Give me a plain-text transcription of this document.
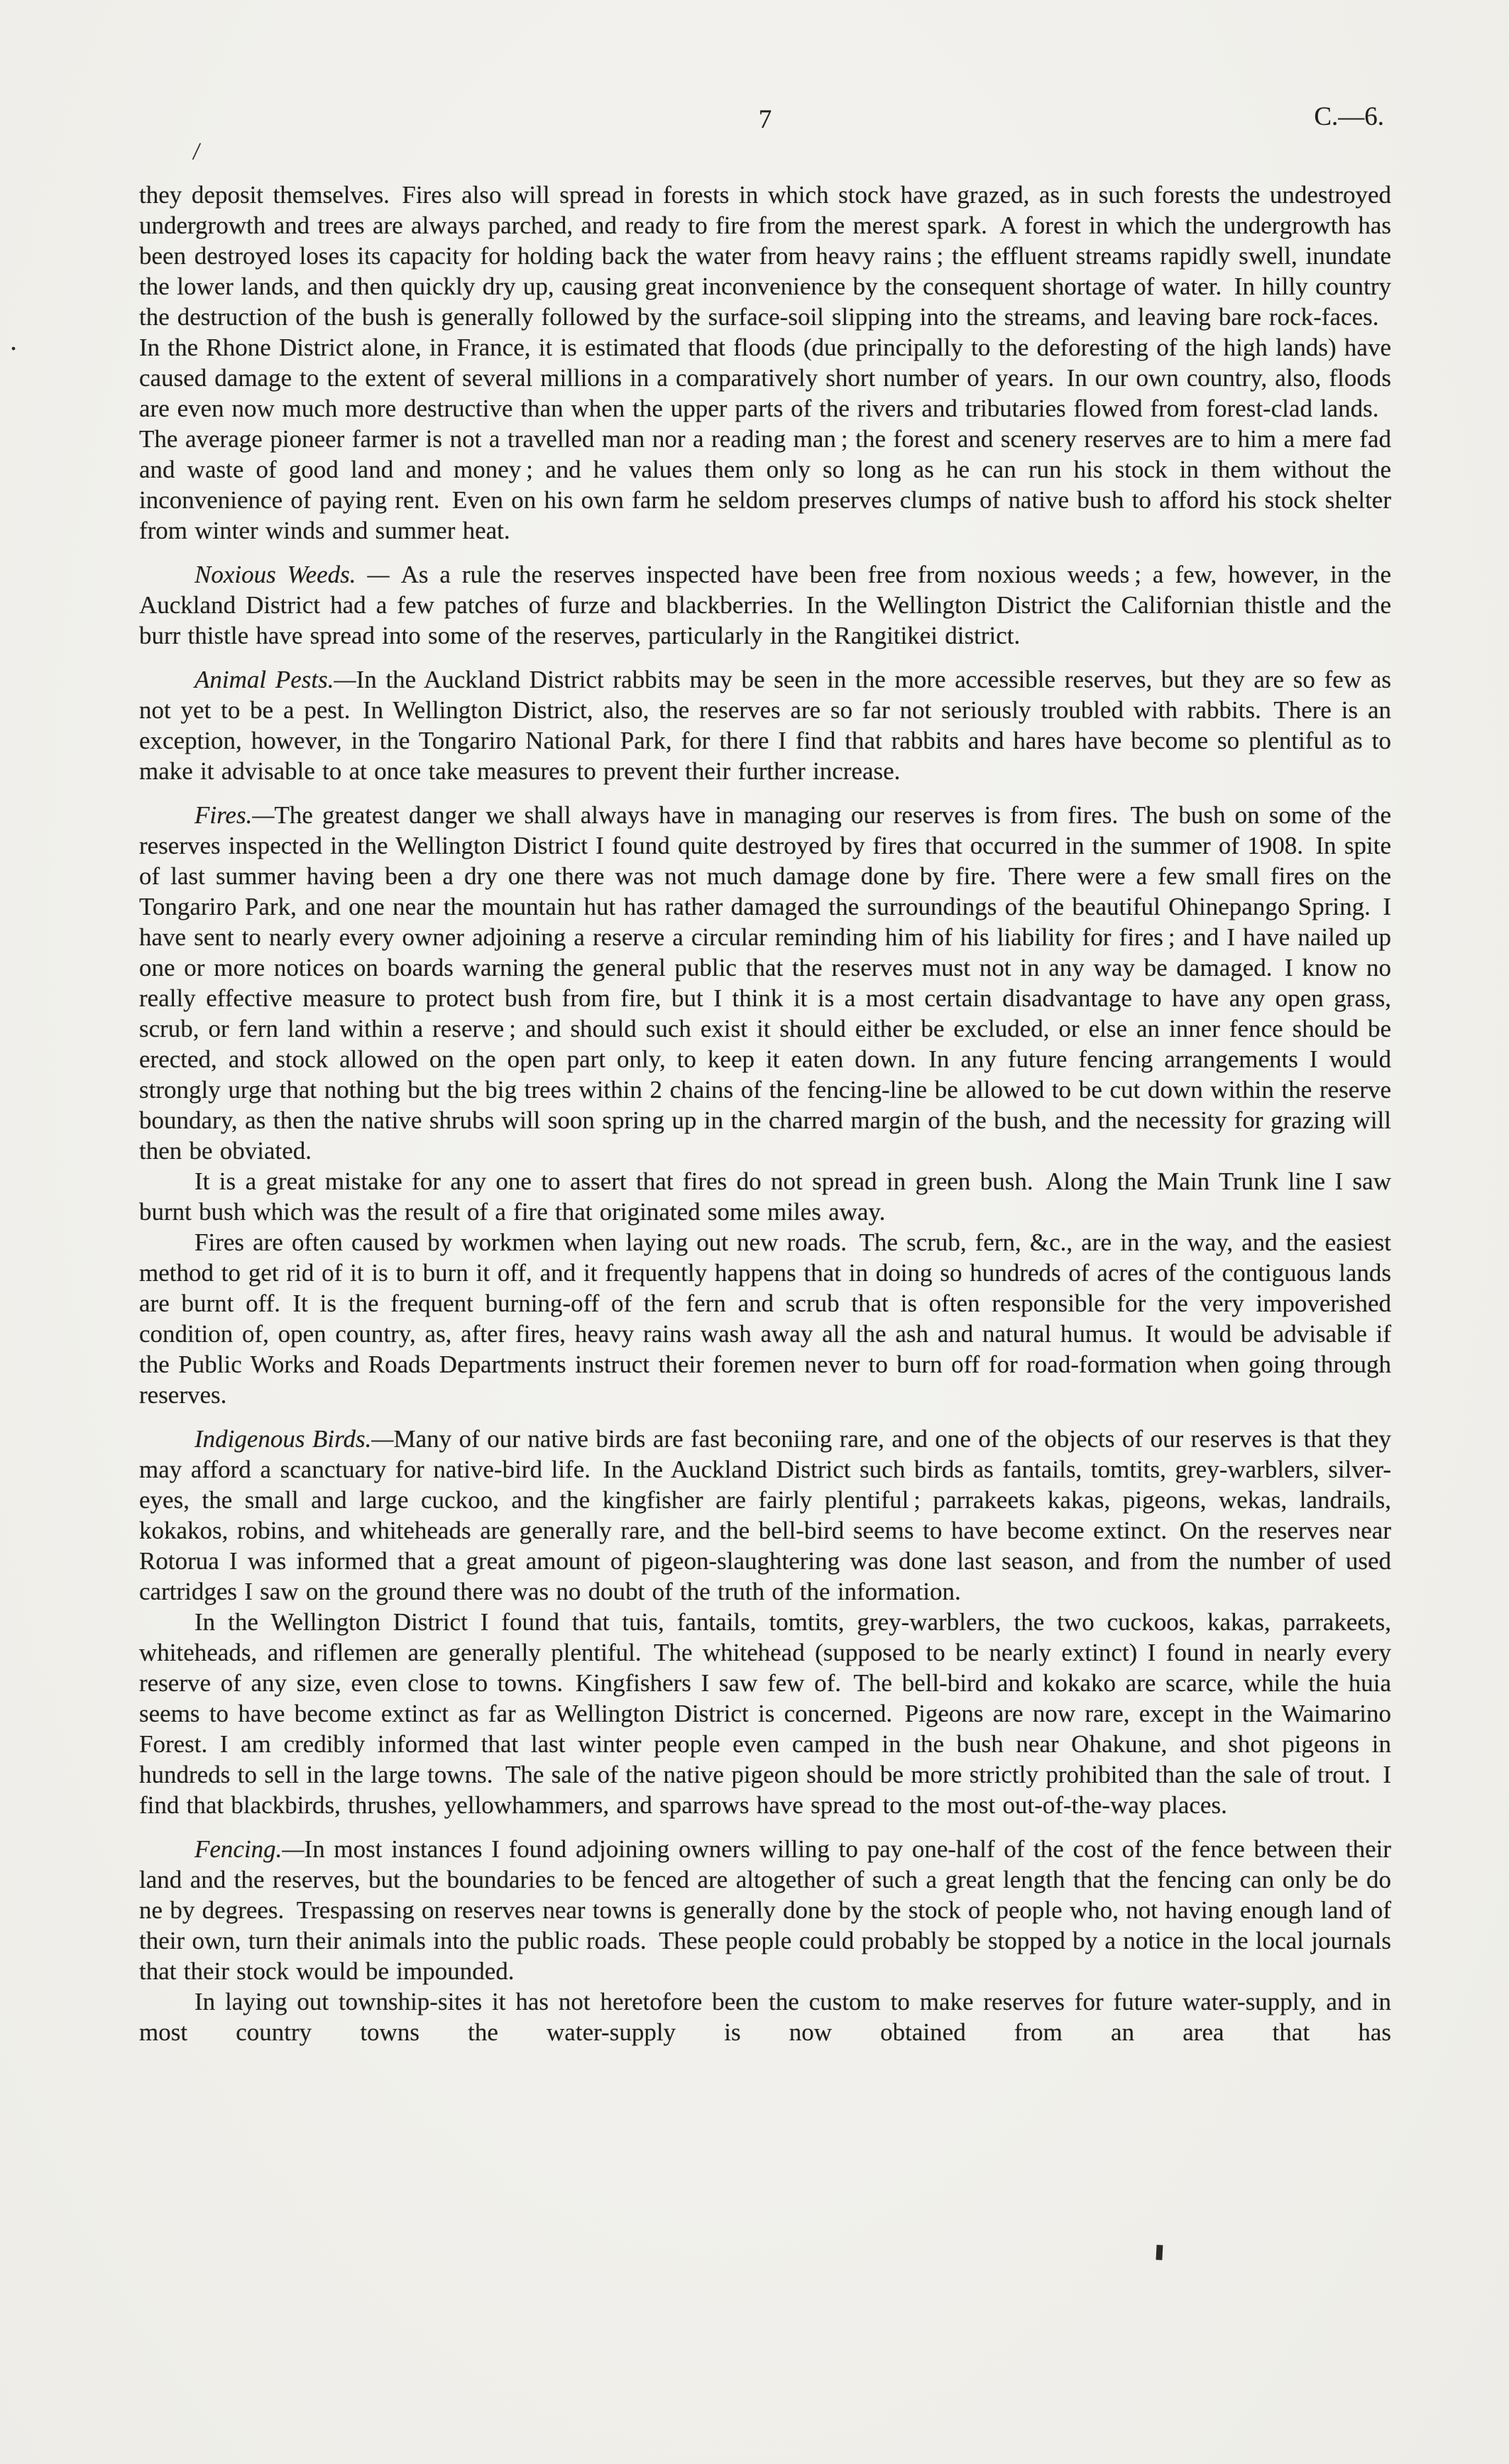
/
.
▮
7	C.—6.

they deposit themselves. Fires also will spread in forests in which stock have grazed, as in such forests the undestroyed undergrowth and trees are always parched, and ready to fire from the merest spark. A forest in which the undergrowth has been destroyed loses its capacity for holding back the water from heavy rains ; the effluent streams rapidly swell, inundate the lower lands, and then quickly dry up, causing great inconvenience by the consequent shortage of water. In hilly country the destruction of the bush is generally followed by the surface-soil slipping into the streams, and leaving bare rock-faces. In the Rhone District alone, in France, it is estimated that floods (due principally to the deforesting of the high lands) have caused damage to the extent of several millions in a comparatively short number of years. In our own country, also, floods are even now much more destructive than when the upper parts of the rivers and tributaries flowed from forest-clad lands. The average pioneer farmer is not a travelled man nor a reading man ; the forest and scenery reserves are to him a mere fad and waste of good land and money ; and he values them only so long as he can run his stock in them without the inconvenience of paying rent. Even on his own farm he seldom preserves clumps of native bush to afford his stock shelter from winter winds and summer heat.

Noxious Weeds. — As a rule the reserves inspected have been free from noxious weeds ; a few, however, in the Auckland District had a few patches of furze and blackberries. In the Wellington District the Californian thistle and the burr thistle have spread into some of the reserves, particularly in the Rangitikei district.

Animal Pests.—In the Auckland District rabbits may be seen in the more accessible reserves, but they are so few as not yet to be a pest. In Wellington District, also, the reserves are so far not seriously troubled with rabbits. There is an exception, however, in the Tongariro National Park, for there I find that rabbits and hares have become so plentiful as to make it advisable to at once take measures to prevent their further increase.

Fires.—The greatest danger we shall always have in managing our reserves is from fires. The bush on some of the reserves inspected in the Wellington District I found quite destroyed by fires that occurred in the summer of 1908. In spite of last summer having been a dry one there was not much damage done by fire. There were a few small fires on the Tongariro Park, and one near the mountain hut has rather damaged the surroundings of the beautiful Ohinepango Spring. I have sent to nearly every owner adjoining a reserve a circular reminding him of his liability for fires ; and I have nailed up one or more notices on boards warning the general public that the reserves must not in any way be damaged. I know no really effective measure to protect bush from fire, but I think it is a most certain disadvantage to have any open grass, scrub, or fern land within a reserve ; and should such exist it should either be excluded, or else an inner fence should be erected, and stock allowed on the open part only, to keep it eaten down. In any future fencing arrangements I would strongly urge that nothing but the big trees within 2 chains of the fencing-line be allowed to be cut down within the reserve boundary, as then the native shrubs will soon spring up in the charred margin of the bush, and the necessity for grazing will then be obviated.

It is a great mistake for any one to assert that fires do not spread in green bush. Along the Main Trunk line I saw burnt bush which was the result of a fire that originated some miles away.

Fires are often caused by workmen when laying out new roads. The scrub, fern, &c., are in the way, and the easiest method to get rid of it is to burn it off, and it frequently happens that in doing so hundreds of acres of the contiguous lands are burnt off. It is the frequent burning-off of the fern and scrub that is often responsible for the very impoverished condition of, open country, as, after fires, heavy rains wash away all the ash and natural humus. It would be advisable if the Public Works and Roads Departments instruct their foremen never to burn off for road-formation when going through reserves.

Indigenous Birds.—Many of our native birds are fast beconiing rare, and one of the objects of our reserves is that they may afford a scanctuary for native-bird life. In the Auckland District such birds as fantails, tomtits, grey-warblers, silver-eyes, the small and large cuckoo, and the kingfisher are fairly plentiful ; parrakeets kakas, pigeons, wekas, landrails, kokakos, robins, and whiteheads are generally rare, and the bell-bird seems to have become extinct. On the reserves near Rotorua I was informed that a great amount of pigeon-slaughtering was done last season, and from the number of used cartridges I saw on the ground there was no doubt of the truth of the information.

In the Wellington District I found that tuis, fantails, tomtits, grey-warblers, the two cuckoos, kakas, parrakeets, whiteheads, and riflemen are generally plentiful. The whitehead (supposed to be nearly extinct) I found in nearly every reserve of any size, even close to towns. Kingfishers I saw few of. The bell-bird and kokako are scarce, while the huia seems to have become extinct as far as Wellington District is concerned. Pigeons are now rare, except in the Waimarino Forest. I am credibly informed that last winter people even camped in the bush near Ohakune, and shot pigeons in hundreds to sell in the large towns. The sale of the native pigeon should be more strictly prohibited than the sale of trout. I find that blackbirds, thrushes, yellowhammers, and sparrows have spread to the most out-of-the-way places.

Fencing.—In most instances I found adjoining owners willing to pay one-half of the cost of the fence between their land and the reserves, but the boundaries to be fenced are altogether of such a great length that the fencing can only be do ne by degrees. Trespassing on reserves near towns is generally done by the stock of people who, not having enough land of their own, turn their animals into the public roads. These people could probably be stopped by a notice in the local journals that their stock would be impounded.

In laying out township-sites it has not heretofore been the custom to make reserves for future water-supply, and in most country towns the water-supply is now obtained from an area that has
